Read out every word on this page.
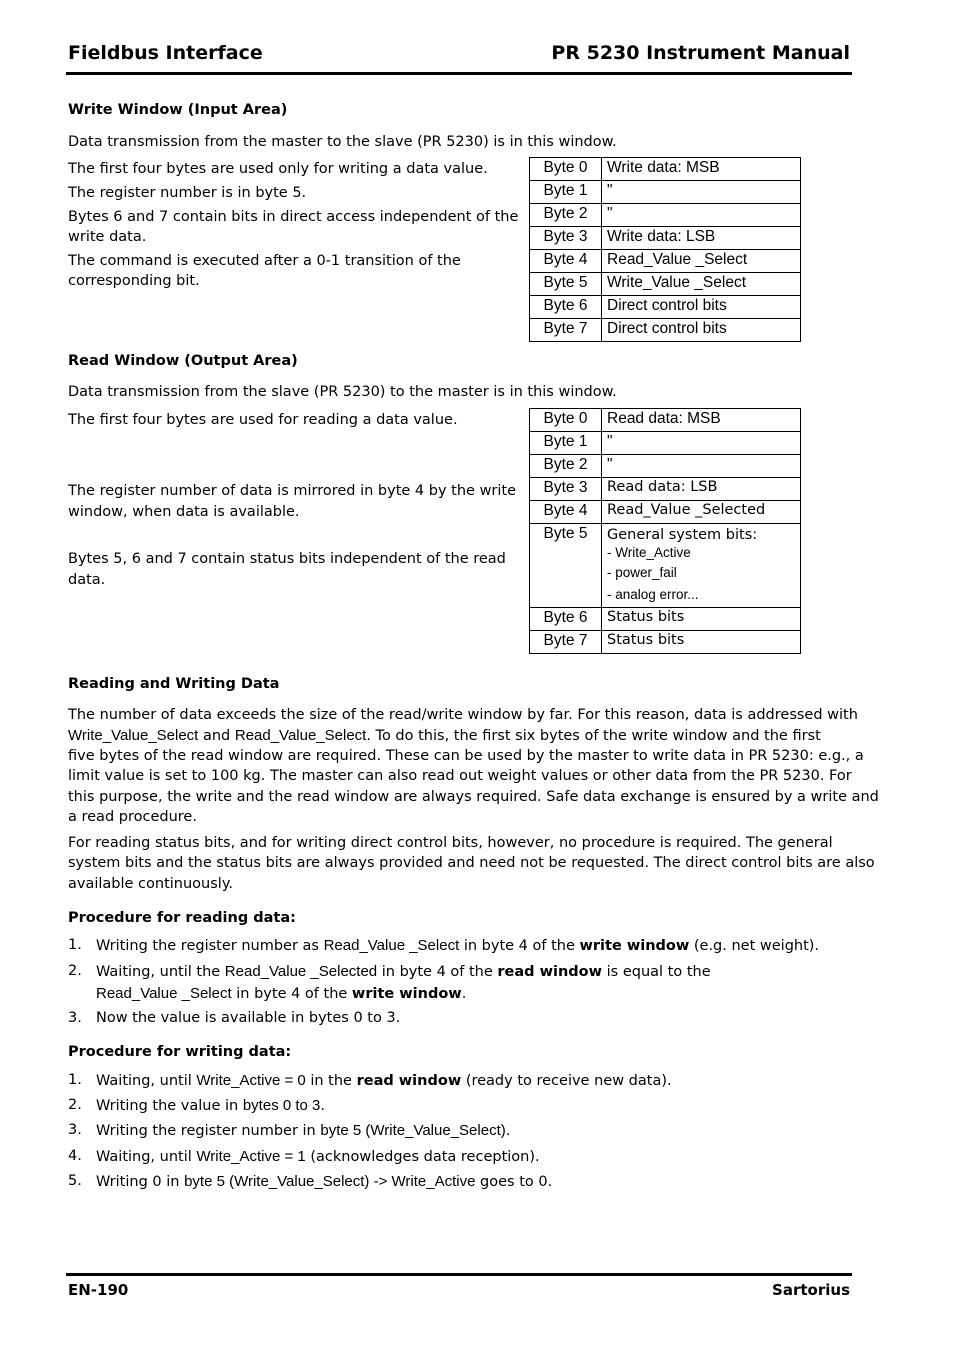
Fieldbus Interface	PR 5230 Instrument Manual
Write Window (Input Area)
Data transmission from the master to the slave (PR 5230) is in this window.
The first four bytes are used only for writing a data value.
The register number is in byte 5.
Bytes 6 and 7 contain bits in direct access independent of the
write data.
The command is executed after a 0-1 transition of the
corresponding bit.
Byte 0	Write data: MSB
Byte 1	"
Byte 2	"
Byte 3	Write data: LSB
Byte 4	Read_Value _Select
Byte 5	Write_Value _Select
Byte 6	Direct control bits
Byte 7	Direct control bits
Read Window (Output Area)
Data transmission from the slave (PR 5230) to the master is in this window.
The first four bytes are used for reading a data value.
The register number of data is mirrored in byte 4 by the write
window, when data is available.
Bytes 5, 6 and 7 contain status bits independent of the read
data.
Byte 0	Read data: MSB
Byte 1	"
Byte 2	"
Byte 3	Read data: LSB
Byte 4	Read_Value _Selected
Byte 5	General system bits:
- Write_Active
- power_fail
- analog error...

Byte 6	Status bits
Byte 7	Status bits
Reading and Writing Data
The number of data exceeds the size of the read/write window by far. For this reason, data is addressed with
Write_Value_Select and Read_Value_Select. To do this, the first six bytes of the write window and the first
five bytes of the read window are required. These can be used by the master to write data in PR 5230: e.g., a
limit value is set to 100 kg. The master can also read out weight values or other data from the PR 5230. For
this purpose, the write and the read window are always required. Safe data exchange is ensured by a write and
a read procedure.
For reading status bits, and for writing direct control bits, however, no procedure is required. The general
system bits and the status bits are always provided and need not be requested. The direct control bits are also
available continuously.
Procedure for reading data:
1. Writing the register number as Read_Value _Select in byte 4 of the write window (e.g. net weight).
2. Waiting, until the Read_Value _Selected in byte 4 of the read window is equal to the
Read_Value _Select in byte 4 of the write window.
3. Now the value is available in bytes 0 to 3.
Procedure for writing data:
1. Waiting, until Write_Active = 0 in the read window (ready to receive new data).
2. Writing the value in bytes 0 to 3.
3. Writing the register number in byte 5 (Write_Value_Select).
4. Waiting, until Write_Active = 1 (acknowledges data reception).
5. Writing 0 in byte 5 (Write_Value_Select) -> Write_Active goes to 0.
EN-190	Sartorius
